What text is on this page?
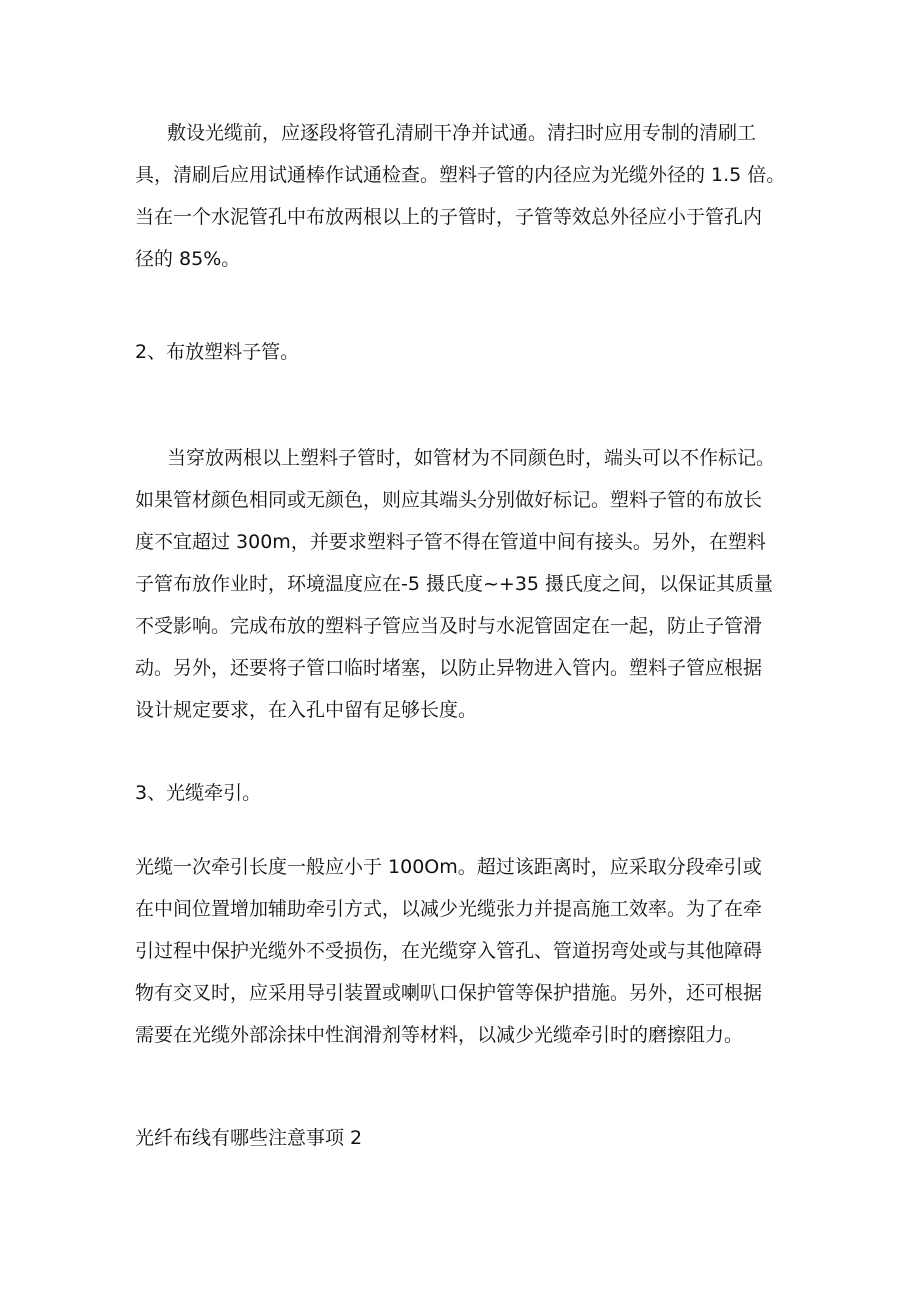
敷设光缆前，应逐段将管孔清刷干净并试通。清扫时应用专制的清刷工
具，清刷后应用试通棒作试通检查。塑料子管的内径应为光缆外径的 1.5 倍。
当在一个水泥管孔中布放两根以上的子管时，子管等效总外径应小于管孔内
径的 85%。

2、布放塑料子管。

当穿放两根以上塑料子管时，如管材为不同颜色时，端头可以不作标记。
如果管材颜色相同或无颜色，则应其端头分别做好标记。塑料子管的布放长
度不宜超过 300m，并要求塑料子管不得在管道中间有接头。另外，在塑料
子管布放作业时，环境温度应在-5 摄氏度~+35 摄氏度之间，以保证其质量
不受影响。完成布放的塑料子管应当及时与水泥管固定在一起，防止子管滑
动。另外，还要将子管口临时堵塞，以防止异物进入管内。塑料子管应根据
设计规定要求，在入孔中留有足够长度。

3、光缆牵引。

光缆一次牵引长度一般应小于 100Om。超过该距离时，应采取分段牵引或
在中间位置增加辅助牵引方式，以减少光缆张力并提高施工效率。为了在牵
引过程中保护光缆外不受损伤，在光缆穿入管孔、管道拐弯处或与其他障碍
物有交叉时，应采用导引装置或喇叭口保护管等保护措施。另外，还可根据
需要在光缆外部涂抹中性润滑剂等材料，以减少光缆牵引时的磨擦阻力。

光纤布线有哪些注意事项 2
